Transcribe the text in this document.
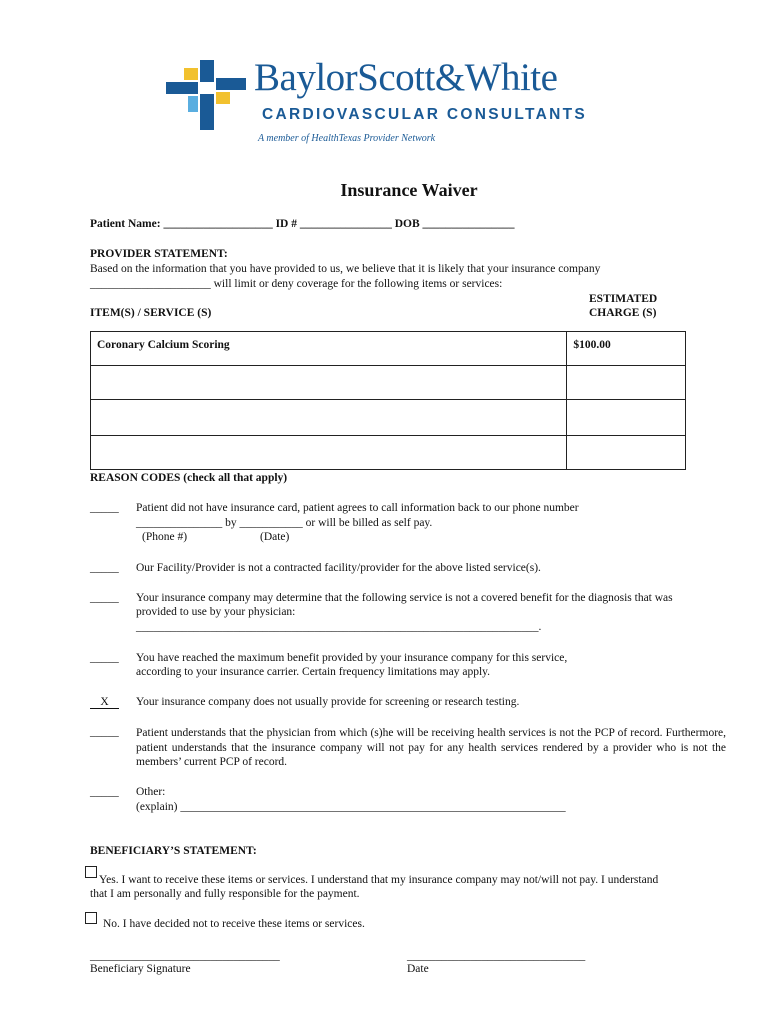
BaylorScott&White
CARDIOVASCULAR CONSULTANTS
A member of HealthTexas Provider Network
TM
Insurance Waiver
Patient Name: ___________________ ID # ________________ DOB ________________
PROVIDER STATEMENT:
Based on the information that you have provided to us, we believe that it is likely that your insurance company
_____________________ will limit or deny coverage for the following items or services:
ITEM(S) / SERVICE (S)
ESTIMATED
CHARGE (S)
Coronary Calcium Scoring	$100.00

REASON CODES (check all that apply)
_____ Patient did not have insurance card, patient agrees to call information back to our phone number
_______________ by ___________ or will be billed as self pay.
(Phone #)	(Date)
_____ Our Facility/Provider is not a contracted facility/provider for the above listed service(s).
_____ Your insurance company may determine that the following service is not a covered benefit for the diagnosis that was
provided to use by your physician:
______________________________________________________________________.
_____ You have reached the maximum benefit provided by your insurance company for this service,
according to your insurance carrier. Certain frequency limitations may apply.
X	Your insurance company does not usually provide for screening or research testing.
_____ Patient understands that the physician from which (s)he will be receiving health services is not the PCP of record. Furthermore, patient understands that the insurance company will not pay for any health services rendered by a provider who is not the members’ current PCP of record.
_____ Other:
(explain) ___________________________________________________________________
BENEFICIARY’S STATEMENT:
Yes. I want to receive these items or services. I understand that my insurance company may not/will not pay. I understand
that I am personally and fully responsible for the payment.
No. I have decided not to receive these items or services.
_________________________________
Beneficiary Signature
_______________________________
Date
